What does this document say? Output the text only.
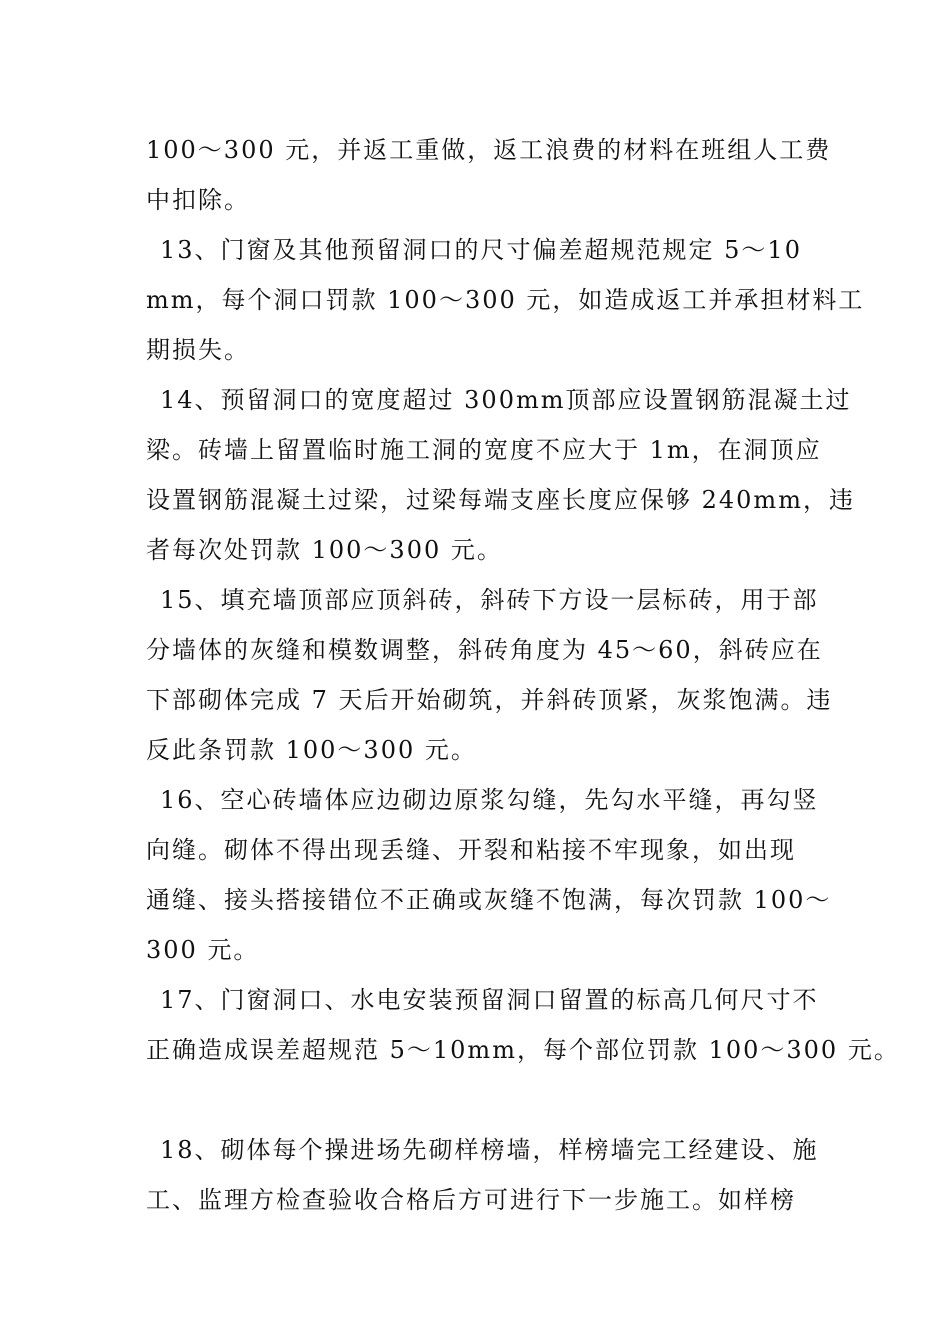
100～300 元，并返工重做，返工浪费的材料在班组人工费
中扣除。
13、门窗及其他预留洞口的尺寸偏差超规范规定 5～10
mm，每个洞口罚款 100～300 元，如造成返工并承担材料工
期损失。
14、预留洞口的宽度超过 300mm顶部应设置钢筋混凝土过
梁。砖墙上留置临时施工洞的宽度不应大于 1m，在洞顶应
设置钢筋混凝土过梁，过梁每端支座长度应保够 240mm，违
者每次处罚款 100～300 元。
15、填充墙顶部应顶斜砖，斜砖下方设一层标砖，用于部
分墙体的灰缝和模数调整，斜砖角度为 45～60，斜砖应在
下部砌体完成 7 天后开始砌筑，并斜砖顶紧，灰浆饱满。违
反此条罚款 100～300 元。
16、空心砖墙体应边砌边原浆勾缝，先勾水平缝，再勾竖
向缝。砌体不得出现丢缝、开裂和粘接不牢现象，如出现
通缝、接头搭接错位不正确或灰缝不饱满，每次罚款 100～
300 元。
17、门窗洞口、水电安装预留洞口留置的标高几何尺寸不
正确造成误差超规范 5～10mm，每个部位罚款 100～300 元。
18、砌体每个操进场先砌样榜墙，样榜墙完工经建设、施
工、监理方检查验收合格后方可进行下一步施工。如样榜
